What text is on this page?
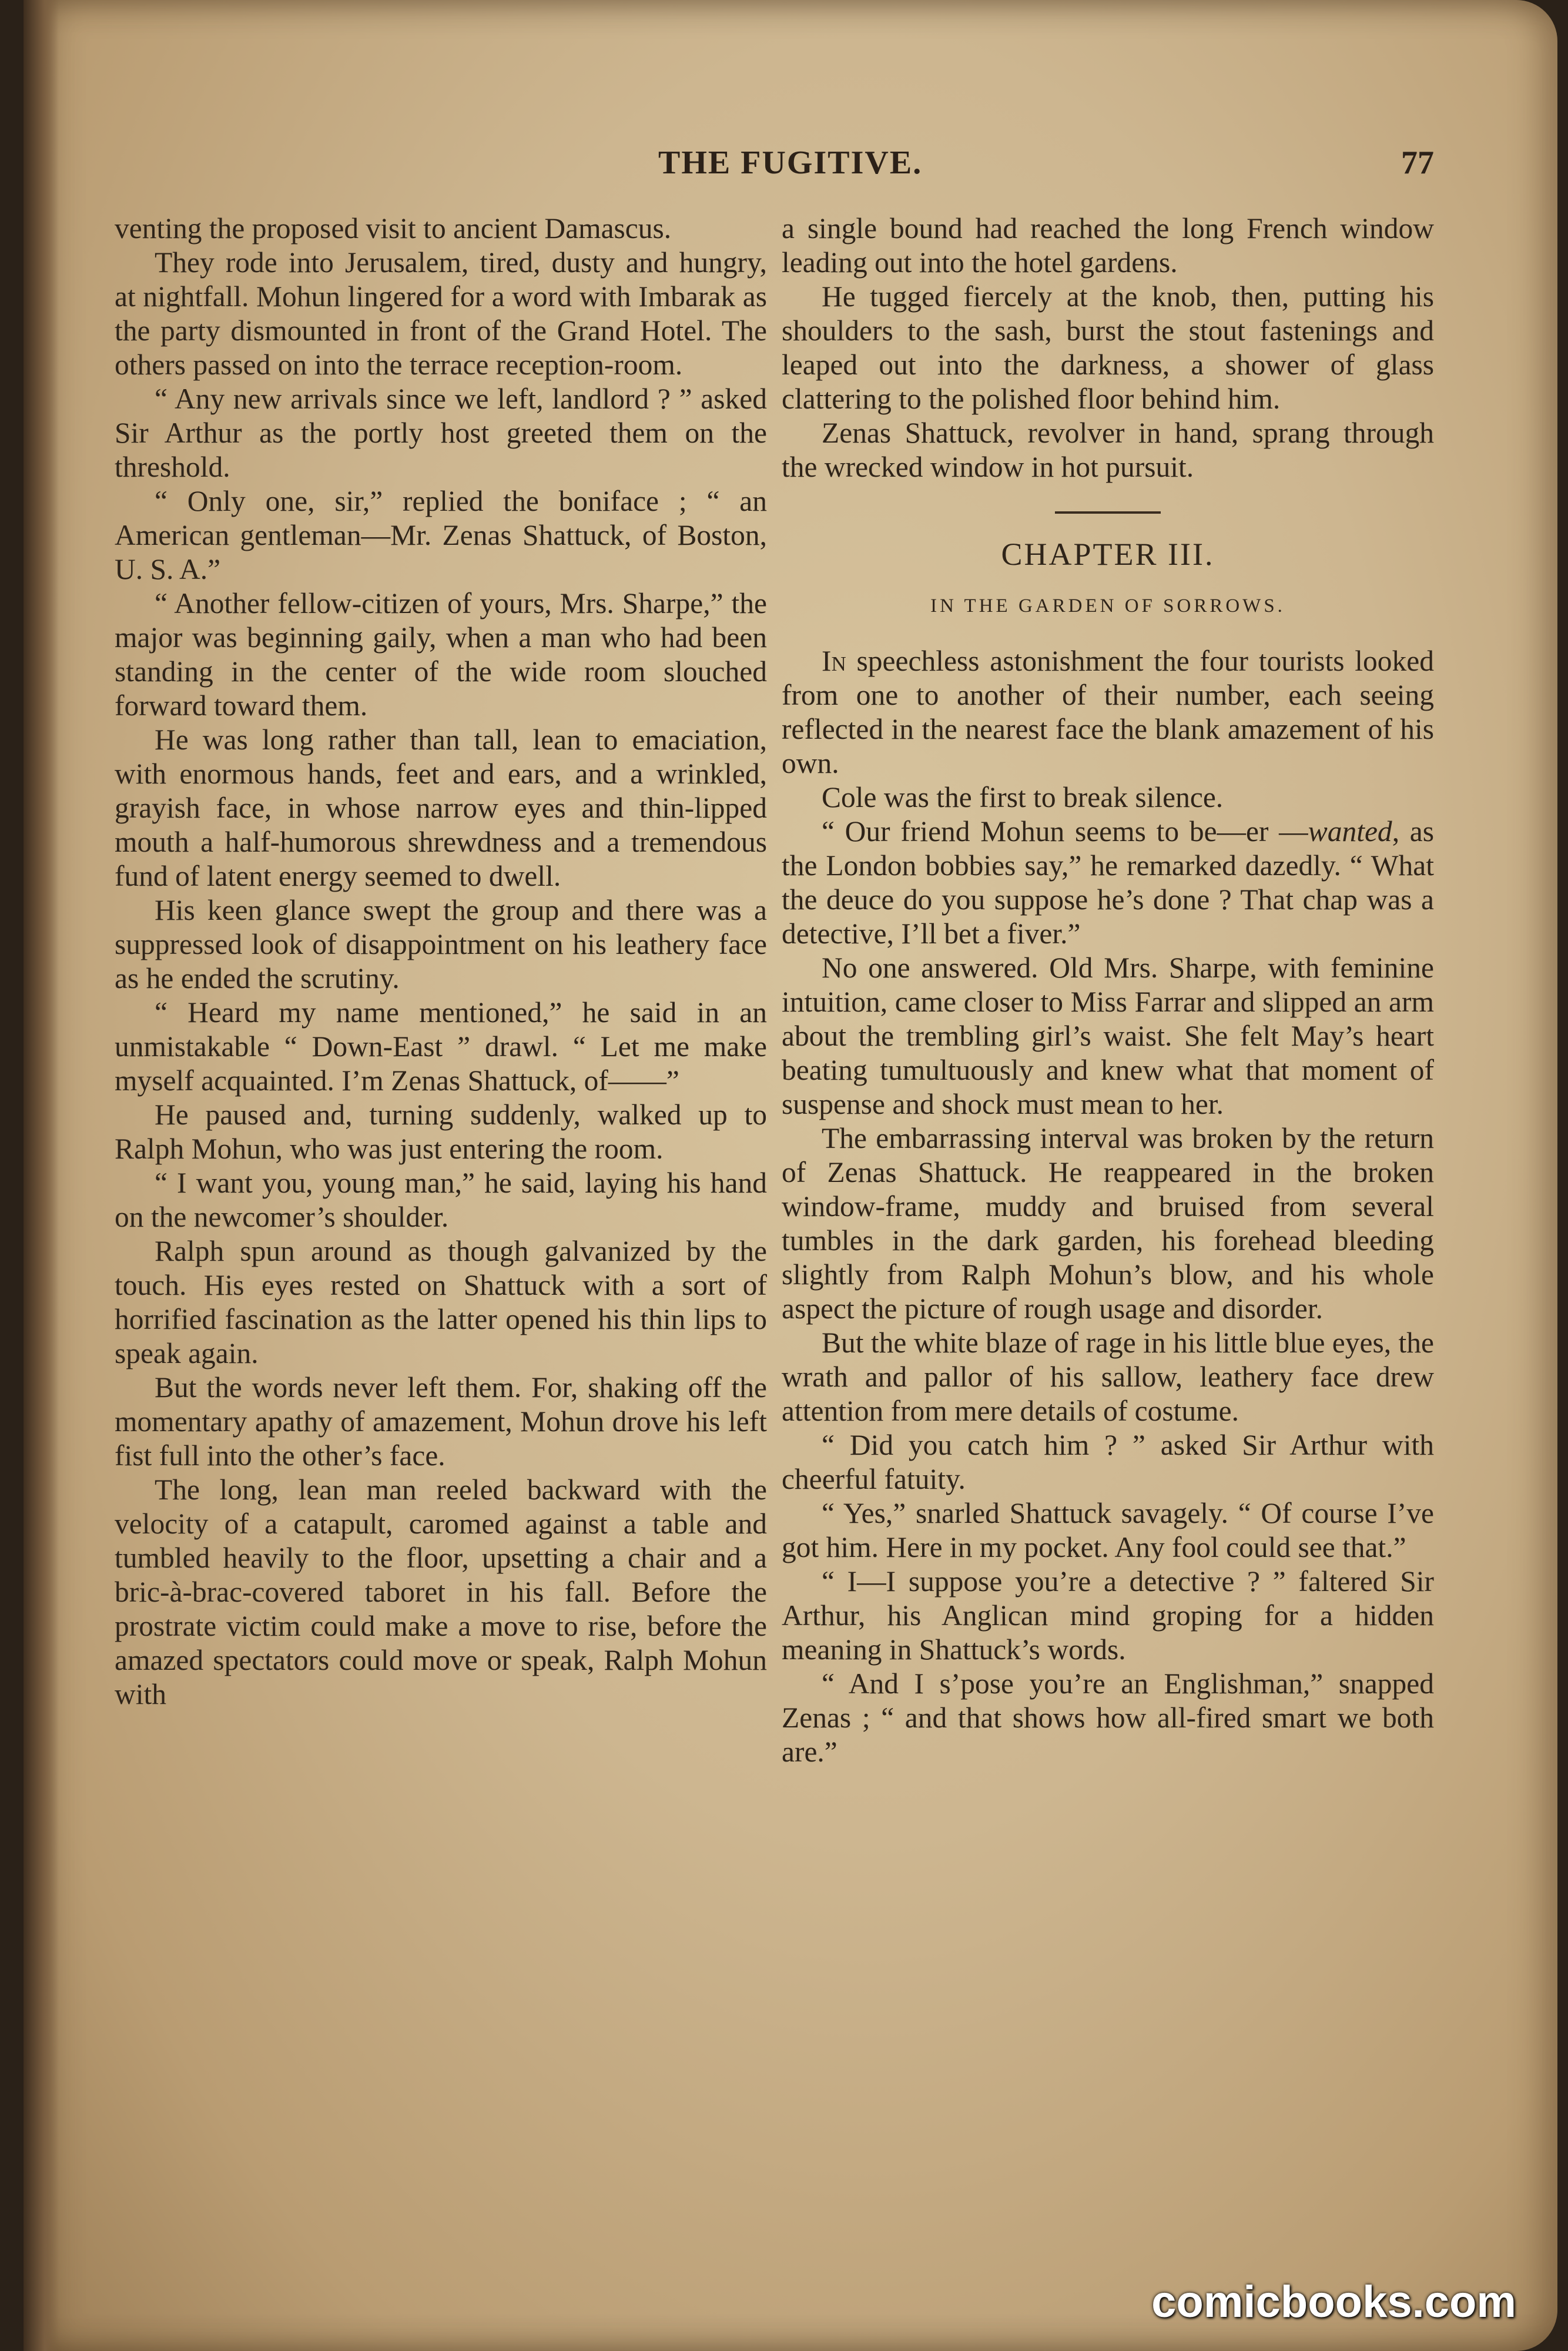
THE FUGITIVE.	77

venting the proposed visit to ancient Damascus.

They rode into Jerusalem, tired, dusty and hungry, at nightfall. Mohun lingered for a word with Imbarak as the party dismounted in front of the Grand Hotel. The others passed on into the terrace reception-room.

“ Any new arrivals since we left, landlord ? ” asked Sir Arthur as the portly host greeted them on the threshold.

“ Only one, sir,” replied the boniface ; “ an American gentleman—Mr. Zenas Shattuck, of Boston, U. S. A.”

“ Another fellow-citizen of yours, Mrs. Sharpe,” the major was beginning gaily, when a man who had been standing in the center of the wide room slouched forward toward them.

He was long rather than tall, lean to emaciation, with enormous hands, feet and ears, and a wrinkled, grayish face, in whose narrow eyes and thin-lipped mouth a half-humorous shrewdness and a tremendous fund of latent energy seemed to dwell.

His keen glance swept the group and there was a suppressed look of disappointment on his leathery face as he ended the scrutiny.

“ Heard my name mentioned,” he said in an unmistakable “ Down-East ” drawl. “ Let me make myself acquainted. I’m Zenas Shattuck, of——”

He paused and, turning suddenly, walked up to Ralph Mohun, who was just entering the room.

“ I want you, young man,” he said, laying his hand on the newcomer’s shoulder.

Ralph spun around as though galvanized by the touch. His eyes rested on Shattuck with a sort of horrified fascination as the latter opened his thin lips to speak again.

But the words never left them. For, shaking off the momentary apathy of amazement, Mohun drove his left fist full into the other’s face.

The long, lean man reeled backward with the velocity of a catapult, caromed against a table and tumbled heavily to the floor, upsetting a chair and a bric-à-brac-covered taboret in his fall. Before the prostrate victim could make a move to rise, before the amazed spectators could move or speak, Ralph Mohun with

a single bound had reached the long French window leading out into the hotel gardens.

He tugged fiercely at the knob, then, putting his shoulders to the sash, burst the stout fastenings and leaped out into the darkness, a shower of glass clattering to the polished floor behind him.

Zenas Shattuck, revolver in hand, sprang through the wrecked window in hot pursuit.

CHAPTER III.
IN THE GARDEN OF SORROWS.

In speechless astonishment the four tourists looked from one to another of their number, each seeing reflected in the nearest face the blank amazement of his own.

Cole was the first to break silence.

“ Our friend Mohun seems to be—er —wanted, as the London bobbies say,” he remarked dazedly. “ What the deuce do you suppose he’s done ? That chap was a detective, I’ll bet a fiver.”

No one answered. Old Mrs. Sharpe, with feminine intuition, came closer to Miss Farrar and slipped an arm about the trembling girl’s waist. She felt May’s heart beating tumultuously and knew what that moment of suspense and shock must mean to her.

The embarrassing interval was broken by the return of Zenas Shattuck. He reappeared in the broken window-frame, muddy and bruised from several tumbles in the dark garden, his forehead bleeding slightly from Ralph Mohun’s blow, and his whole aspect the picture of rough usage and disorder.

But the white blaze of rage in his little blue eyes, the wrath and pallor of his sallow, leathery face drew attention from mere details of costume.

“ Did you catch him ? ” asked Sir Arthur with cheerful fatuity.

“ Yes,” snarled Shattuck savagely. “ Of course I’ve got him. Here in my pocket. Any fool could see that.”

“ I—I suppose you’re a detective ? ” faltered Sir Arthur, his Anglican mind groping for a hidden meaning in Shattuck’s words.

“ And I s’pose you’re an Englishman,” snapped Zenas ; “ and that shows how all-fired smart we both are.”

comicbooks.com
